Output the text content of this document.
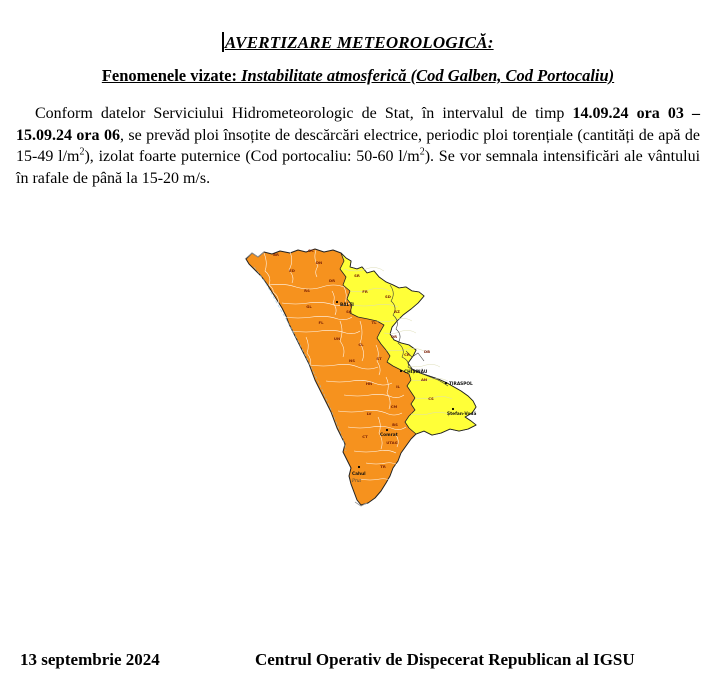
AVERTIZARE METEOROLOGICĂ:
Fenomenele vizate: Instabilitate atmosferică (Cod Galben, Cod Portocaliu)
Conform datelor Serviciului Hidrometeorologic de Stat, în intervalul de timp 14.09.24 ora 03 – 15.09.24 ora 06, se prevăd ploi însoțite de descărcări electrice, periodic ploi torențiale (cantități de apă de 15-49 $l/m^2$), izolat foarte puternice (Cod portocaliu: 50-60 $l/m^2$). Se vor semnala intensificări ale vântului în rafale de până la 15-20 m/s.
BR
OC
DN
ED
DR
RS
GL
SG
FL	TL
UN
CL
NS	ST
HN
IL
CM
LV
BS
CT
UTAG
TR
SR
FR
SD
RZ
OR
CR
DB
AN
CS
BĂLȚI
CHIȘINĂU
TIRASPOL
Ștefan-Vodă
Comrat
Cahul
Prut
13 septembrie 2024	Centrul Operativ de Dispecerat Republican al IGSU
